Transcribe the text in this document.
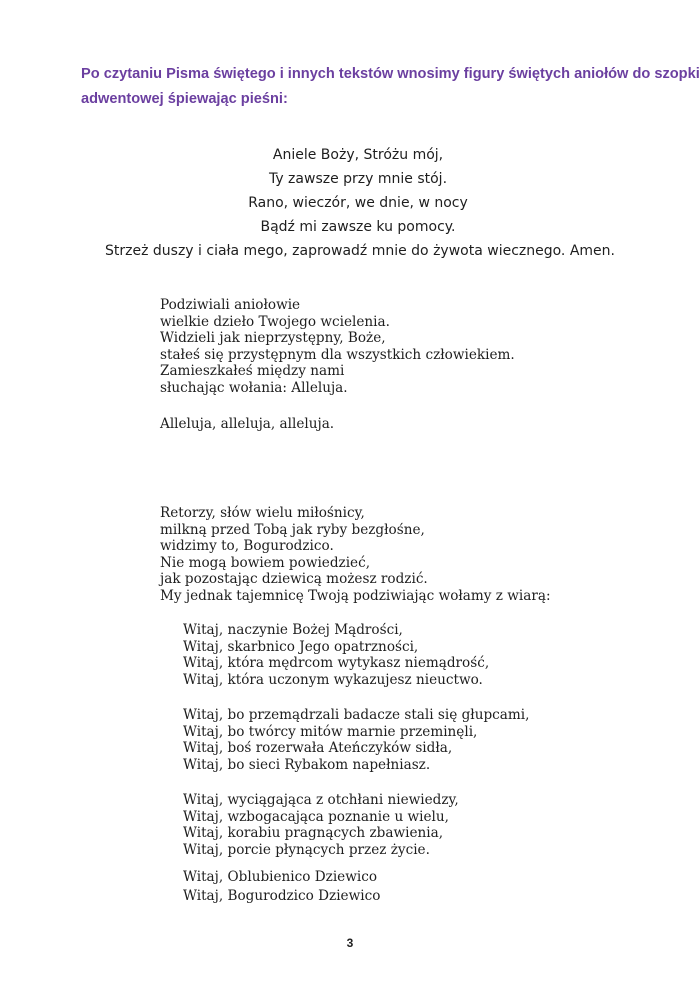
Po czytaniu Pisma świętego i innych tekstów wnosimy figury świętych aniołów do szopki
adwentowej śpiewając pieśni:
Aniele Boży, Stróżu mój,
Ty zawsze przy mnie stój.
Rano, wieczór, we dnie, w nocy
Bądź mi zawsze ku pomocy.
Strzeż duszy i ciała mego, zaprowadź mnie do żywota wiecznego. Amen.
Podziwiali aniołowie
wielkie dzieło Twojego wcielenia.
Widzieli jak nieprzystępny, Boże,
stałeś się przystępnym dla wszystkich człowiekiem.
Zamieszkałeś między nami
słuchając wołania: Alleluja.
Alleluja, alleluja, alleluja.
Retorzy, słów wielu miłośnicy,
milkną przed Tobą jak ryby bezgłośne,
widzimy to, Bogurodzico.
Nie mogą bowiem powiedzieć,
jak pozostając dziewicą możesz rodzić.
My jednak tajemnicę Twoją podziwiając wołamy z wiarą:
Witaj, naczynie Bożej Mądrości,
Witaj, skarbnico Jego opatrzności,
Witaj, która mędrcom wytykasz niemądrość,
Witaj, która uczonym wykazujesz nieuctwo.
Witaj, bo przemądrzali badacze stali się głupcami,
Witaj, bo twórcy mitów marnie przeminęli,
Witaj, boś rozerwała Ateńczyków sidła,
Witaj, bo sieci Rybakom napełniasz.
Witaj, wyciągająca z otchłani niewiedzy,
Witaj, wzbogacająca poznanie u wielu,
Witaj, korabiu pragnących zbawienia,
Witaj, porcie płynących przez życie.
Witaj, Oblubienico Dziewico
Witaj, Bogurodzico Dziewico
3
